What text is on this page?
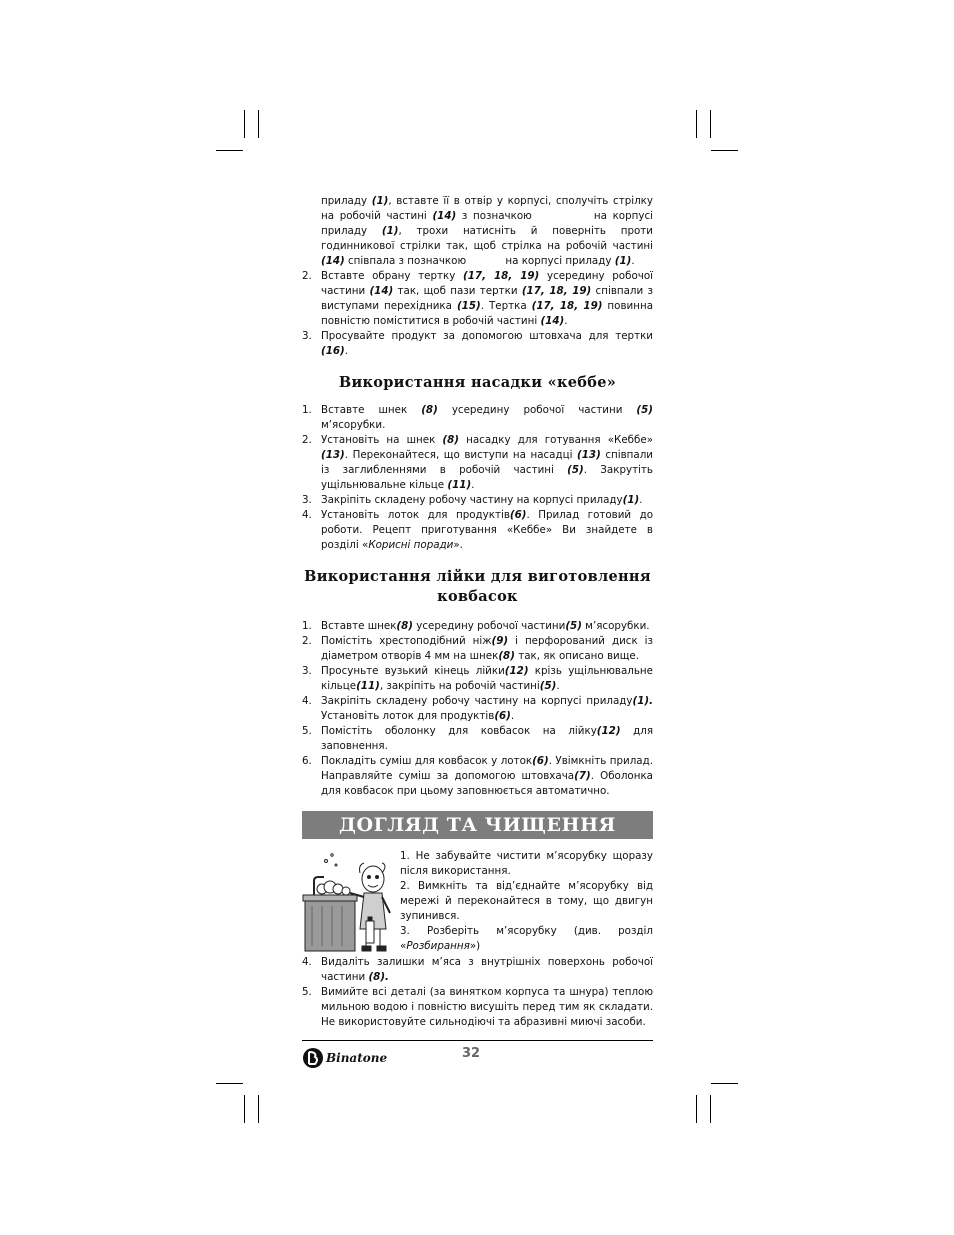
приладу (1), вставте її в отвір у корпусі, сполучіть стрілку на робочій частині (14) з позначкою           на корпусі приладу (1), трохи натисніть й поверніть проти годинникової стрілки так, щоб стрілка на робочій частині (14) співпала з позначкою            на корпусі приладу (1).

2. Вставте обрану тертку (17, 18, 19) усередину робочої частини (14) так, щоб пази тертки (17, 18, 19) співпали з виступами перехідника (15). Тертка (17, 18, 19) повинна повністю поміститися в робочій частині (14).
3. Просувайте продукт за допомогою штовхача для тертки (16).
Використання насадки «кеббе»
1. Вставте шнек (8) усередину робочої частини (5) м’ясорубки.
2. Установіть на шнек (8) насадку для готування «Кеббе» (13). Переконайтеся, що виступи на насадці (13) співпали із заглибленнями в робочій частині (5). Закрутіть ущільнювальне кільце (11).
3. Закріпіть складену робочу частину на корпусі приладу(1).
4. Установіть лоток для продуктів(6). Прилад готовий до роботи. Рецепт приготування «Кеббе» Ви знайдете в розділі «Корисні поради».
Використання лійки для виготовлення
ковбасок
1. Вставте шнек(8) усередину робочої частини(5) м’ясорубки.
2. Помістіть хрестоподібний ніж(9) і перфорований диск із діаметром отворів 4 мм на шнек(8) так, як описано вище.
3. Просуньте вузький кінець лійки(12) крізь ущільнювальне кільце(11), закріпіть на робочій частині(5).
4. Закріпіть складену робочу частину на корпусі приладу(1). Установіть лоток для продуктів(6).
5. Помістіть оболонку для ковбасок на лійку(12) для заповнення.
6. Покладіть суміш для ковбасок у лоток(6). Увімкніть прилад. Направляйте суміш за допомогою штовхача(7). Оболонка для ковбасок при цьому заповнюється автоматично.
ДОГЛЯД ТА ЧИЩЕННЯ

1. Не забувайте чистити м’ясорубку щоразу після використання.

2. Вимкніть та від’єднайте м’ясорубку від мережі й переконайтеся в тому, що двигун зупинився.

3. Розберіть м’ясорубку (див. розділ «Розбирання»)

4. Видаліть залишки м’яса з внутрішніх поверхонь робочої частини (8).
5. Вимийте всі деталі (за винятком корпуса та шнура) теплою мильною водою і повністю висушіть перед тим як складати. Не використовуйте сильнодіючі та абразивні миючі засоби.
Binatone	32
